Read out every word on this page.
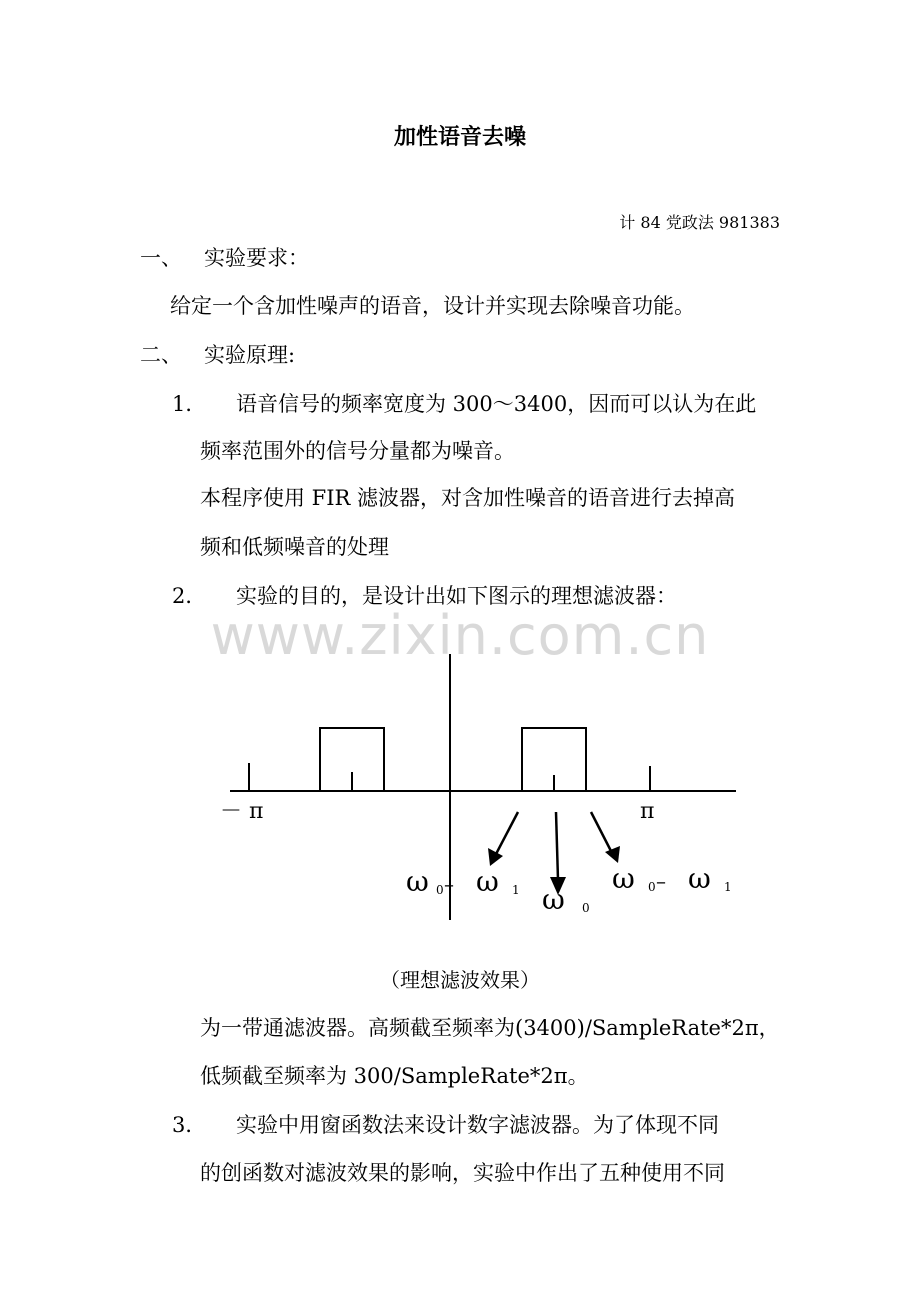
加性语音去噪
计 84 党政法 981383
一、 实验要求：
给定一个含加性噪声的语音，设计并实现去除噪音功能。
二、 实验原理:
1． 语音信号的频率宽度为 300～3400，因而可以认为在此
频率范围外的信号分量都为噪音。
本程序使用 FIR 滤波器，对含加性噪音的语音进行去掉高
频和低频噪音的处理
2． 实验的目的，是设计出如下图示的理想滤波器：
www.zixin.com.cn
－ π	π
ω 0 – ω 1 ω 0
ω 0 – ω 1
（理想滤波效果）
为一带通滤波器。高频截至频率为(3400)/SampleRate*2π，
低频截至频率为 300/SampleRate*2π。
3． 实验中用窗函数法来设计数字滤波器。为了体现不同
的创函数对滤波效果的影响，实验中作出了五种使用不同
